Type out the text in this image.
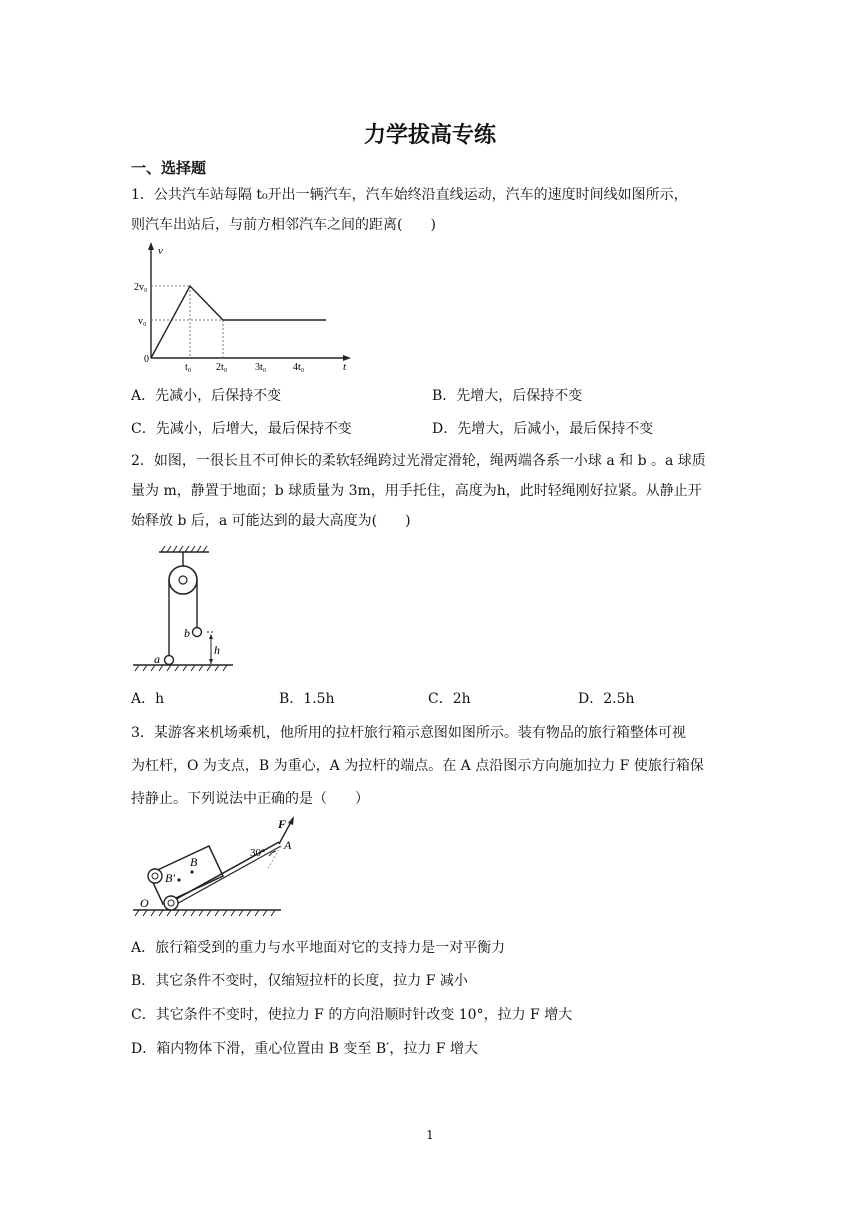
力学拔高专练
一、选择题
1．公共汽车站每隔 t₀开出一辆汽车，汽车始终沿直线运动，汽车的速度时间线如图所示，
则汽车出站后，与前方相邻汽车之间的距离(　　)
v
t
0
2v₀
v₀
t₀ 2t₀	3t₀	4t₀
A．先减小，后保持不变	B．先增大，后保持不变
C．先减小，后增大，最后保持不变	D．先增大，后减小，最后保持不变
2．如图，一很长且不可伸长的柔软轻绳跨过光滑定滑轮，绳两端各系一小球 a 和 b 。a 球质
量为 m，静置于地面；b 球质量为 3m，用手托住，高度为h，此时轻绳刚好拉紧。从静止开
始释放 b 后，a 可能达到的最大高度为(　　)
a
b
h
A．h	B．1.5h	C．2h	D．2.5h
3．某游客来机场乘机，他所用的拉杆旅行箱示意图如图所示。装有物品的旅行箱整体可视
为杠杆，O 为支点，B 为重心，A 为拉杆的端点。在 A 点沿图示方向施加拉力 F 使旅行箱保
持静止。下列说法中正确的是（　　）
F
A
B
B′
O
30°
A．旅行箱受到的重力与水平地面对它的支持力是一对平衡力
B．其它条件不变时，仅缩短拉杆的长度，拉力 F 减小
C．其它条件不变时，使拉力 F 的方向沿顺时针改变 10°，拉力 F 增大
D．箱内物体下滑，重心位置由 B 变至 B′，拉力 F 增大
1
